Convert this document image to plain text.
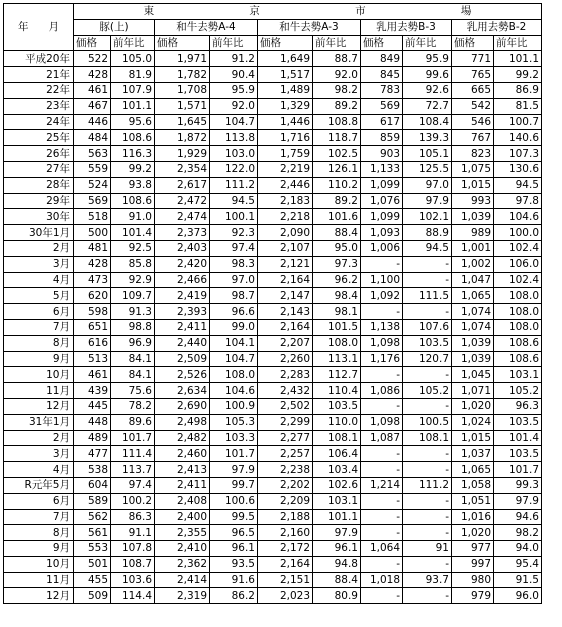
年 月	東 京 市 場									

	豚(上)		和牛去勢A-4		和牛去勢A-3		乳用去勢B-3		乳用去勢B-2	
	価格	前年比	価格	前年比	価格	前年比	価格	前年比	価格	前年比
平成20年	522	105.0	1,971	91.2	1,649	88.7	849	95.9	771	101.1
21年	428	81.9	1,782	90.4	1,517	92.0	845	99.6	765	99.2
22年	461	107.9	1,708	95.9	1,489	98.2	783	92.6	665	86.9
23年	467	101.1	1,571	92.0	1,329	89.2	569	72.7	542	81.5
24年	446	95.6	1,645	104.7	1,446	108.8	617	108.4	546	100.7
25年	484	108.6	1,872	113.8	1,716	118.7	859	139.3	767	140.6
26年	563	116.3	1,929	103.0	1,759	102.5	903	105.1	823	107.3
27年	559	99.2	2,354	122.0	2,219	126.1	1,133	125.5	1,075	130.6
28年	524	93.8	2,617	111.2	2,446	110.2	1,099	97.0	1,015	94.5
29年	569	108.6	2,472	94.5	2,183	89.2	1,076	97.9	993	97.8
30年	518	91.0	2,474	100.1	2,218	101.6	1,099	102.1	1,039	104.6
30年1月	500	101.4	2,373	92.3	2,090	88.4	1,093	88.9	989	100.0
2月	481	92.5	2,403	97.4	2,107	95.0	1,006	94.5	1,001	102.4
3月	428	85.8	2,420	98.3	2,121	97.3	-	-	1,002	106.0
4月	473	92.9	2,466	97.0	2,164	96.2	1,100	-	1,047	102.4
5月	620	109.7	2,419	98.7	2,147	98.4	1,092	111.5	1,065	108.0
6月	598	91.3	2,393	96.6	2,143	98.1	-	-	1,074	108.0
7月	651	98.8	2,411	99.0	2,164	101.5	1,138	107.6	1,074	108.0
8月	616	96.9	2,440	104.1	2,207	108.0	1,098	103.5	1,039	108.6
9月	513	84.1	2,509	104.7	2,260	113.1	1,176	120.7	1,039	108.6
10月	461	84.1	2,526	108.0	2,283	112.7	-	-	1,045	103.1
11月	439	75.6	2,634	104.6	2,432	110.4	1,086	105.2	1,071	105.2
12月	445	78.2	2,690	100.9	2,502	103.5	-	-	1,020	96.3
31年1月	448	89.6	2,498	105.3	2,299	110.0	1,098	100.5	1,024	103.5
2月	489	101.7	2,482	103.3	2,277	108.1	1,087	108.1	1,015	101.4
3月	477	111.4	2,460	101.7	2,257	106.4	-	-	1,037	103.5
4月	538	113.7	2,413	97.9	2,238	103.4	-	-	1,065	101.7
R元年5月	604	97.4	2,411	99.7	2,202	102.6	1,214	111.2	1,058	99.3
6月	589	100.2	2,408	100.6	2,209	103.1	-	-	1,051	97.9
7月	562	86.3	2,400	99.5	2,188	101.1	-	-	1,016	94.6
8月	561	91.1	2,355	96.5	2,160	97.9	-	-	1,020	98.2
9月	553	107.8	2,410	96.1	2,172	96.1	1,064	91	977	94.0
10月	501	108.7	2,362	93.5	2,164	94.8	-	-	997	95.4
11月	455	103.6	2,414	91.6	2,151	88.4	1,018	93.7	980	91.5
12月	509	114.4	2,319	86.2	2,023	80.9	-	-	979	96.0
